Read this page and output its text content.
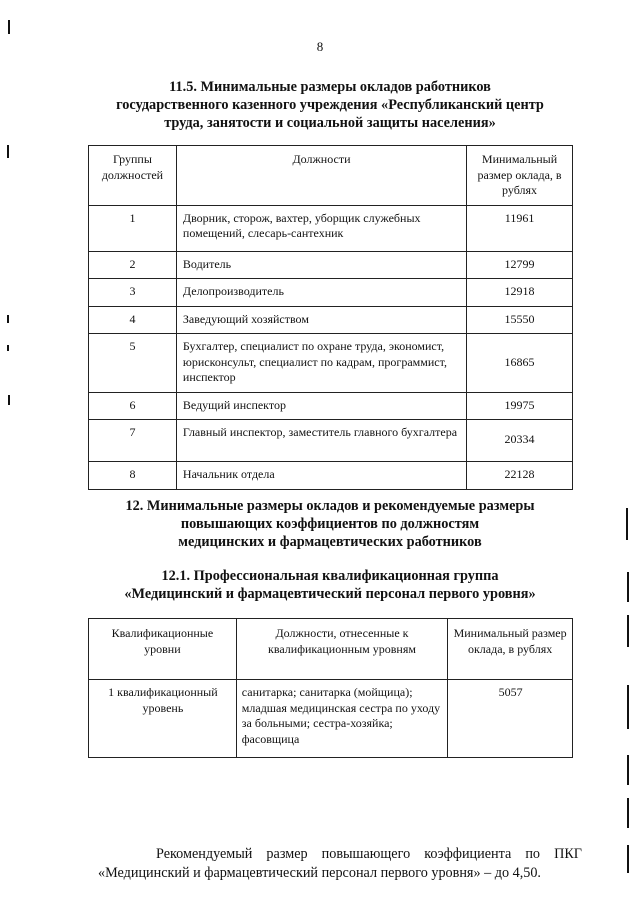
8
11.5. Минимальные размеры окладов работников
государственного казенного учреждения «Республиканский центр
труда, занятости и социальной защиты населения»
Группы должностей	Должности	Минимальный размер оклада, в рублях
1	Дворник, сторож, вахтер, уборщик служебных помещений, слесарь-сантехник	11961
2	Водитель	12799
3	Делопроизводитель	12918
4	Заведующий хозяйством	15550
5	Бухгалтер, специалист по охране труда, экономист, юрисконсульт, специалист по кадрам, программист, инспектор	16865
6	Ведущий инспектор	19975
7	Главный инспектор, заместитель главного бухгалтера	20334
8	Начальник отдела	22128
12. Минимальные размеры окладов и рекомендуемые размеры
повышающих коэффициентов по должностям
медицинских и фармацевтических работников
12.1. Профессиональная квалификационная группа
«Медицинский и фармацевтический персонал первого уровня»
Квалификационные уровни	Должности, отнесенные к квалификационным уровням	Минимальный размер оклада, в рублях
1 квалификационный уровень	санитарка; санитарка (мойщица); младшая медицинская сестра по уходу за больными; сестра-хозяйка; фасовщица	5057
Рекомендуемый размер повышающего коэффициента по ПКГ «Медицинский и фармацевтический персонал первого уровня» – до 4,50.
